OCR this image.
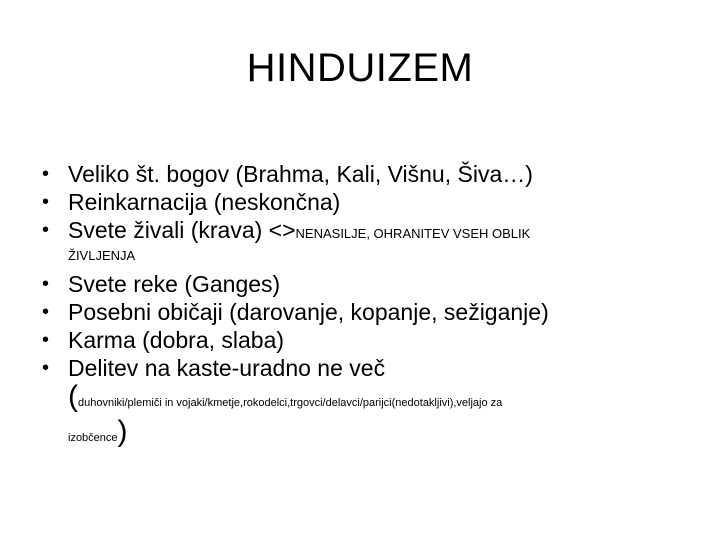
HINDUIZEM
• Veliko št. bogov (Brahma, Kali, Višnu, Šiva…)
• Reinkarnacija (neskončna)
• Svete živali (krava) <>NENASILJE, OHRANITEV VSEH OBLIK
ŽIVLJENJA
• Svete reke (Ganges)
• Posebni običaji (darovanje, kopanje, sežiganje)
• Karma (dobra, slaba)
• Delitev na kaste-uradno ne več
(duhovniki/plemiči in vojaki/kmetje,rokodelci,trgovci/delavci/parijci(nedotakljivi),veljajo za
izobčence)
